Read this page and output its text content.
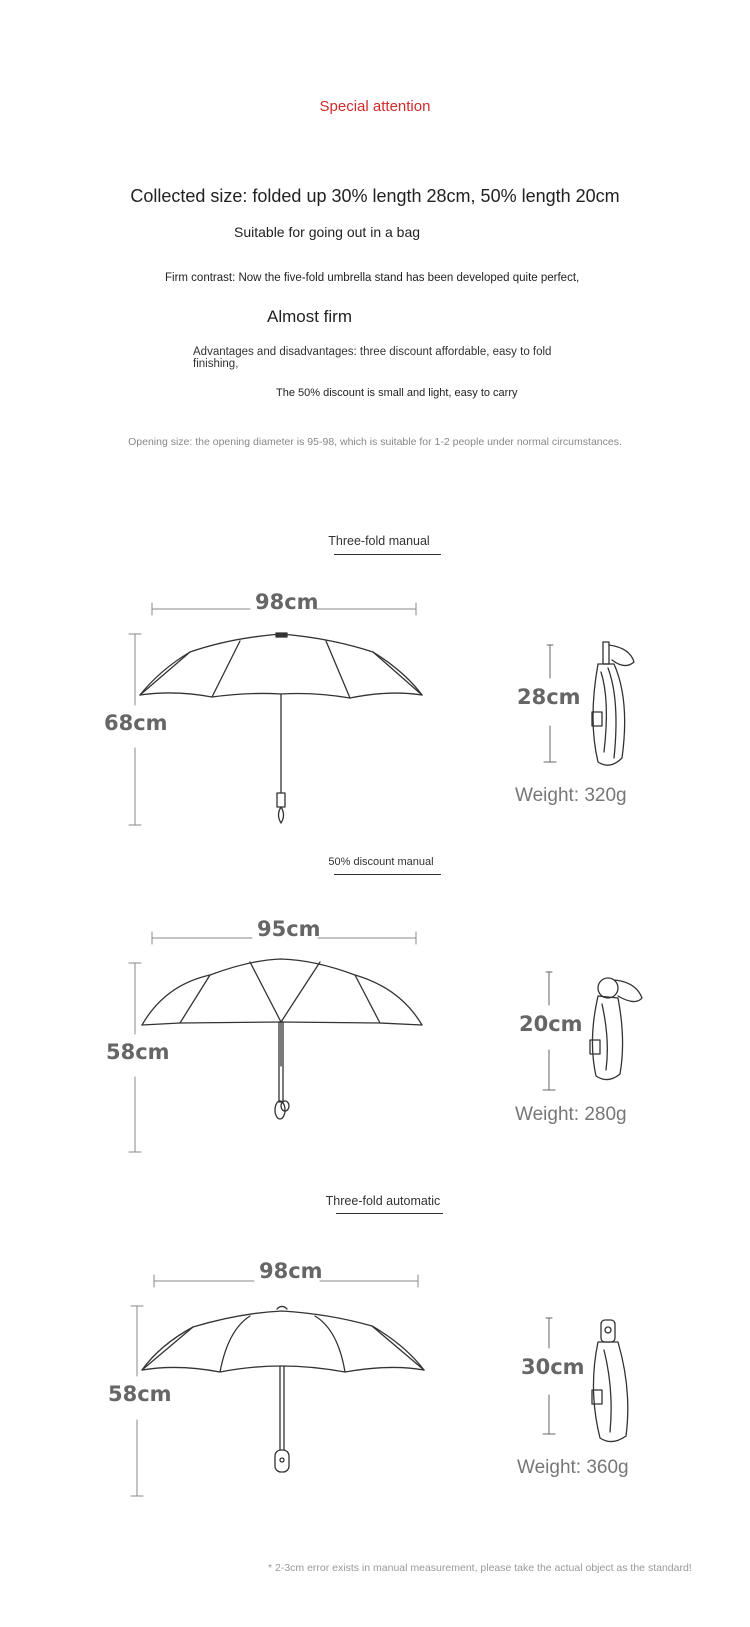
Special attention
Collected size: folded up 30% length 28cm, 50% length 20cm
Suitable for going out in a bag
Firm contrast: Now the five-fold umbrella stand has been developed quite perfect,
Almost firm
Advantages and disadvantages: three discount affordable, easy to fold finishing,
The 50% discount is small and light, easy to carry
Opening size: the opening diameter is 95-98, which is suitable for 1-2 people under normal circumstances.
Three-fold manual
98cm
68cm
28cm
Weight: 320g
50% discount manual
95cm
58cm
20cm
Weight: 280g
Three-fold automatic
98cm
58cm
30cm
Weight: 360g
* 2-3cm error exists in manual measurement, please take the actual object as the standard!
